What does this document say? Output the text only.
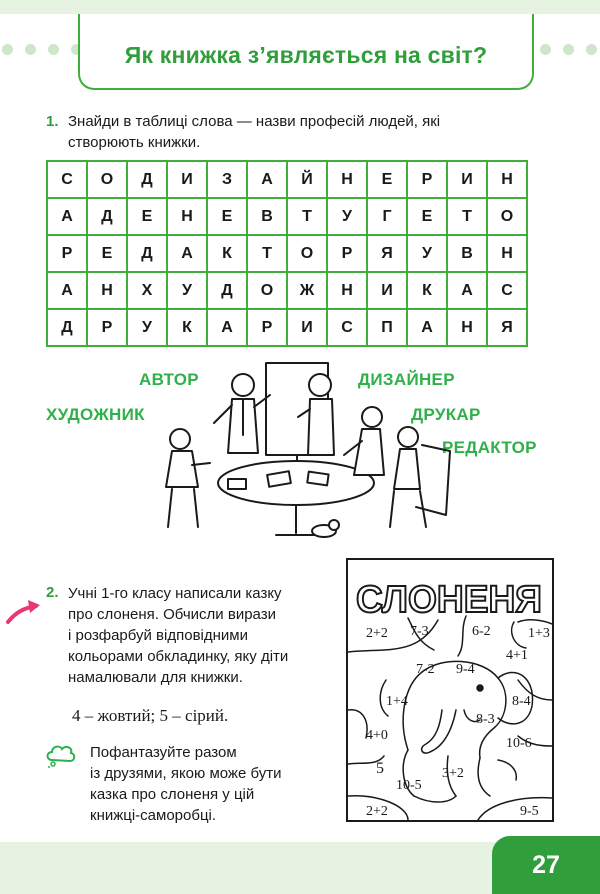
Як книжка з’являється на світ?
1. Знайди в таблиці слова — назви професій людей, які
створюють книжки.
С	О	Д	И	З	А	Й	Н	Е	Р	И	Н
А	Д	Е	Н	Е	В	Т	У	Г	Е	Т	О
Р	Е	Д	А	К	Т	О	Р	Я	У	В	Н
А	Н	Х	У	Д	О	Ж	Н	И	К	А	С
Д	Р	У	К	А	Р	И	С	П	А	Н	Я
АВТОР	ДИЗАЙНЕР
ХУДОЖНИК	ДРУКАР
РЕДАКТОР
2. Учні 1-го класу написали казку
про слоненя. Обчисли вирази
і розфарбуй відповідними
кольорами обкладинку, яку діти
намалювали для книжки.
4 – жовтий; 5 – сірий.
Пофантазуйте разом
із друзями, якою може бути
казка про слоненя у цій
книжці-саморобці.
СЛОНЕНЯ
2+2 7-3	6-2	1+3
4+1
7-2 9-4
1+4	8-4
8-3
4+0
10-6
5	3+2
10-5
2+2	9-5
27
